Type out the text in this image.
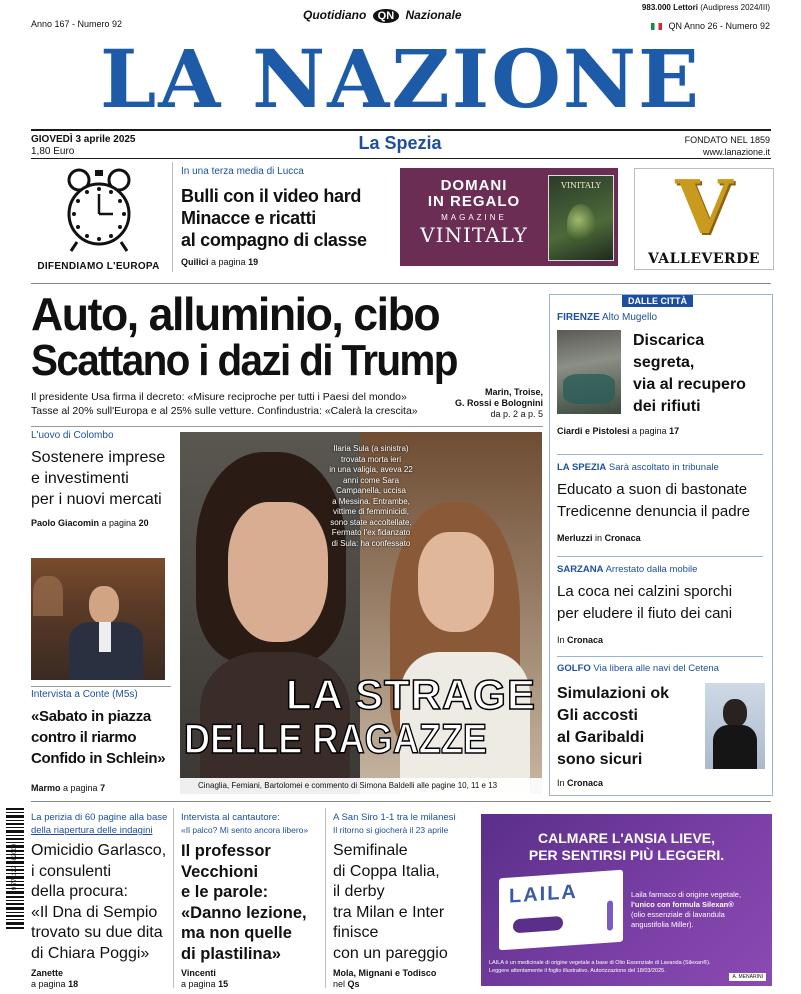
Anno 167 - Numero 92
Quotidiano QN Nazionale
983.000 Lettori (Audipress 2024/III)
QN Anno 26 - Numero 92
LA NAZIONE
GIOVEDÌ 3 aprile 2025
1,80 Euro	La Spezia	FONDATO NEL 1859
www.lanazione.it
DIFENDIAMO L'EUROPA
In una terza media di Lucca
Bulli con il video hard
Minacce e ricatti
al compagno di classe
Quilici a pagina 19
DOMANI
IN REGALO
MAGAZINE
VINITALY
VINITALY	V
VALLEVERDE
Auto, alluminio, cibo
Scattano i dazi di Trump
Il presidente Usa firma il decreto: «Misure reciproche per tutti i Paesi del mondo»
Tasse al 20% sull'Europa e al 25% sulle vetture. Confindustria: «Calerà la crescita»
Marin, Troise,
G. Rossi e Bolognini
da p. 2 a p. 5
L'uovo di Colombo
Sostenere imprese
e investimenti
per i nuovi mercati
Paolo Giacomin a pagina 20
Intervista a Conte (M5s)
«Sabato in piazza
contro il riarmo
Confido in Schlein»
Marmo a pagina 7
Ilaria Sula (a sinistra)
trovata morta ieri
in una valigia, aveva 22
anni come Sara
Campanella, uccisa
a Messina. Entrambe,
vittime di femminicidi,
sono state accoltellate.
Fermato l'ex fidanzato
di Sula: ha confessato
LA STRAGE
DELLE RAGAZZE
Cinaglia, Femiani, Bartolomei e commento di Simona Baldelli alle pagine 10, 11 e 13
DALLE CITTÀ
FIRENZE Alto Mugello
Discarica
segreta,
via al recupero
dei rifiuti
Ciardi e Pistolesi a pagina 17
LA SPEZIA Sarà ascoltato in tribunale
Educato a suon di bastonate
Tredicenne denuncia il padre
Merluzzi in Cronaca
SARZANA Arrestato dalla mobile
La coca nei calzini sporchi
per eludere il fiuto dei cani
In Cronaca
GOLFO Via libera alle navi del Cetena
Simulazioni ok
Gli accosti
al Garibaldi
sono sicuri
In Cronaca
9 771122 682009
La perizia di 60 pagine alla base
della riapertura delle indagini
Omicidio Garlasco,
i consulenti
della procura:
«Il Dna di Sempio
trovato su due dita
di Chiara Poggi»
Zanette
a pagina 18
Intervista al cantautore:
«Il palco? Mi sento ancora libero»
Il professor
Vecchioni
e le parole:
«Danno lezione,
ma non quelle
di plastilina»
Vincenti
a pagina 15
A San Siro 1-1 tra le milanesi
Il ritorno si giocherà il 23 aprile
Semifinale
di Coppa Italia,
il derby
tra Milan e Inter
finisce
con un pareggio
Mola, Mignani e Todisco
nel Qs
CALMARE L'ANSIA LIEVE,
PER SENTIRSI PIÙ LEGGERI.
LAILA	Laila farmaco di origine vegetale,
l'unico con formula Silexan®
(olio essenziale di lavandula
angustifolia Miller).
LAILA è un medicinale di origine vegetale a base di Olio Essenziale di Lavanda (Silexan®).
Leggere attentamente il foglio illustrativo. Autorizzazione del 18/03/2025.
A. MENARINI
